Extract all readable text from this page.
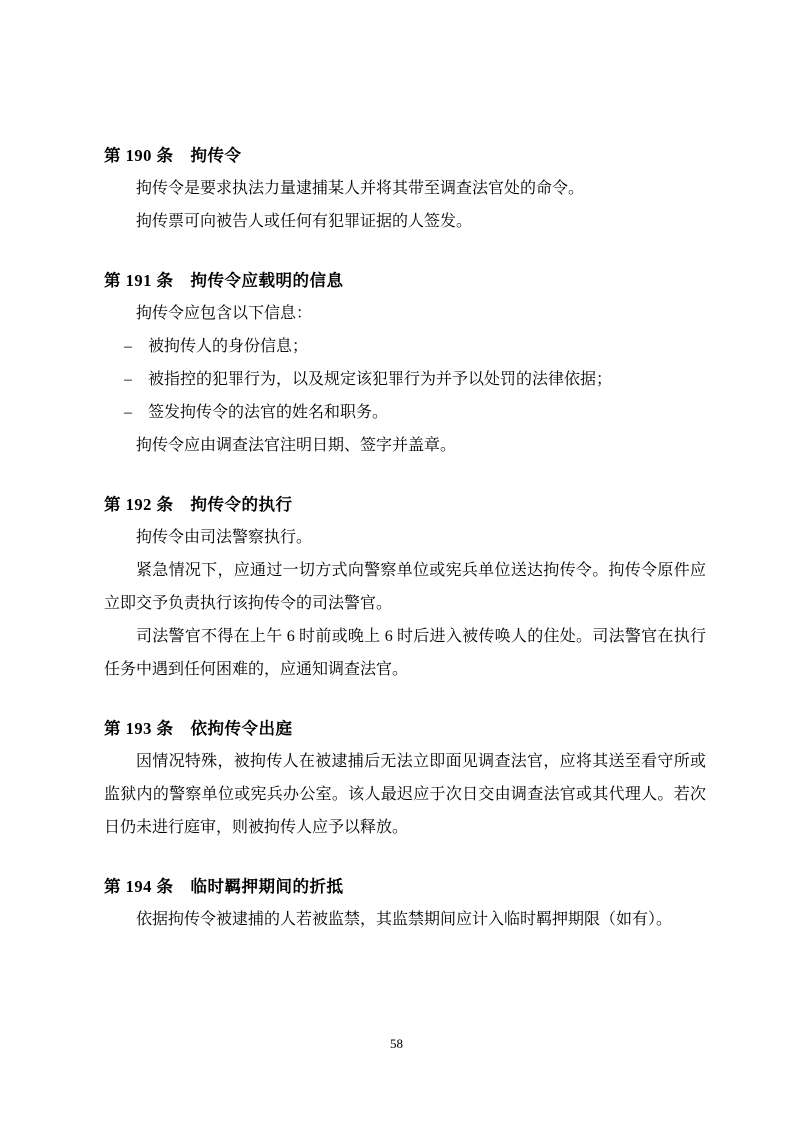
第 190 条　拘传令

拘传令是要求执法力量逮捕某人并将其带至调查法官处的命令。

拘传票可向被告人或任何有犯罪证据的人签发。

第 191 条　拘传令应载明的信息

拘传令应包含以下信息：

–　被拘传人的身份信息；

–　被指控的犯罪行为，以及规定该犯罪行为并予以处罚的法律依据；

–　签发拘传令的法官的姓名和职务。

拘传令应由调查法官注明日期、签字并盖章。

第 192 条　拘传令的执行

拘传令由司法警察执行。

紧急情况下，应通过一切方式向警察单位或宪兵单位送达拘传令。拘传令原件应立即交予负责执行该拘传令的司法警官。

司法警官不得在上午 6 时前或晚上 6 时后进入被传唤人的住处。司法警官在执行任务中遇到任何困难的，应通知调查法官。

第 193 条　依拘传令出庭

因情况特殊，被拘传人在被逮捕后无法立即面见调查法官，应将其送至看守所或监狱内的警察单位或宪兵办公室。该人最迟应于次日交由调查法官或其代理人。若次日仍未进行庭审，则被拘传人应予以释放。

第 194 条　临时羁押期间的折抵

依据拘传令被逮捕的人若被监禁，其监禁期间应计入临时羁押期限（如有）。

58
